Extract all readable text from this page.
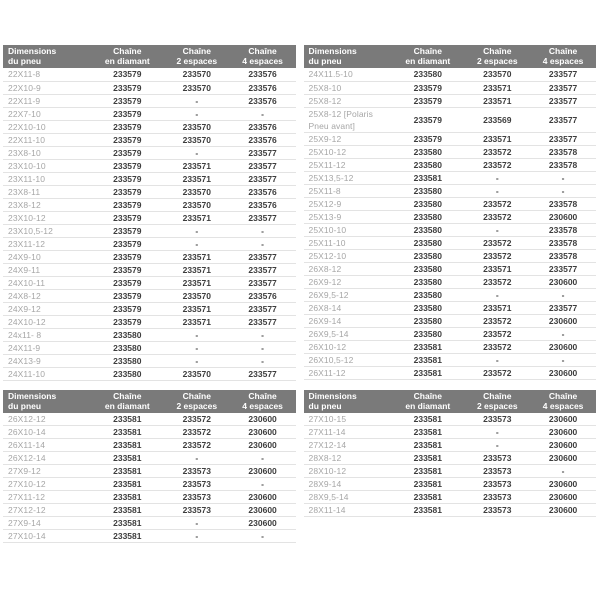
Dimensions
du pneu

Chaîne
en diamant

Chaîne
2 espaces

Chaîne
4 espaces

22X11-8	233579	233570	233576
22X10-9	233579	233570	233576
22X11-9	233579	-	233576
22X7-10	233579	-	-
22X10-10	233579	233570	233576
22X11-10	233579	233570	233576
23X8-10	233579	-	233577
23X10-10	233579	233571	233577
23X11-10	233579	233571	233577
23X8-11	233579	233570	233576
23X8-12	233579	233570	233576
23X10-12	233579	233571	233577
23X10,5-12	233579	-	-
23X11-12	233579	-	-
24X9-10	233579	233571	233577
24X9-11	233579	233571	233577
24X10-11	233579	233571	233577
24X8-12	233579	233570	233576
24X9-12	233579	233571	233577
24X10-12	233579	233571	233577
24x11- 8	233580	-	-
24X11-9	233580	-	-
24X13-9	233580	-	-
24X11-10	233580	233570	233577
Dimensions
du pneu

Chaîne
en diamant

Chaîne
2 espaces

Chaîne
4 espaces

24X11.5-10	233580	233570	233577
25X8-10	233579	233571	233577
25X8-12	233579	233571	233577
25X8-12 [Polaris Pneu avant]	233579	233569	233577
25X9-12	233579	233571	233577
25X10-12	233580	233572	233578
25X11-12	233580	233572	233578
25X13,5-12	233581	-	-
25X11-8	233580	-	-
25X12-9	233580	233572	233578
25X13-9	233580	233572	230600
25X10-10	233580	-	233578
25X11-10	233580	233572	233578
25X12-10	233580	233572	233578
26X8-12	233580	233571	233577
26X9-12	233580	233572	230600
26X9,5-12	233580	-	-
26X8-14	233580	233571	233577
26X9-14	233580	233572	230600
26X9,5-14	233580	233572	-
26X10-12	233581	233572	230600
26X10,5-12	233581	-	-
26X11-12	233581	233572	230600
Dimensions
du pneu

Chaîne
en diamant

Chaîne
2 espaces

Chaîne
4 espaces

26X12-12	233581	233572	230600
26X10-14	233581	233572	230600
26X11-14	233581	233572	230600
26X12-14	233581	-	-
27X9-12	233581	233573	230600
27X10-12	233581	233573	-
27X11-12	233581	233573	230600
27X12-12	233581	233573	230600
27X9-14	233581	-	230600
27X10-14	233581	-	-
Dimensions
du pneu

Chaîne
en diamant

Chaîne
2 espaces

Chaîne
4 espaces

27X10-15	233581	233573	230600
27X11-14	233581	-	230600
27X12-14	233581	-	230600
28X8-12	233581	233573	230600
28X10-12	233581	233573	-
28X9-14	233581	233573	230600
28X9,5-14	233581	233573	230600
28X11-14	233581	233573	230600
